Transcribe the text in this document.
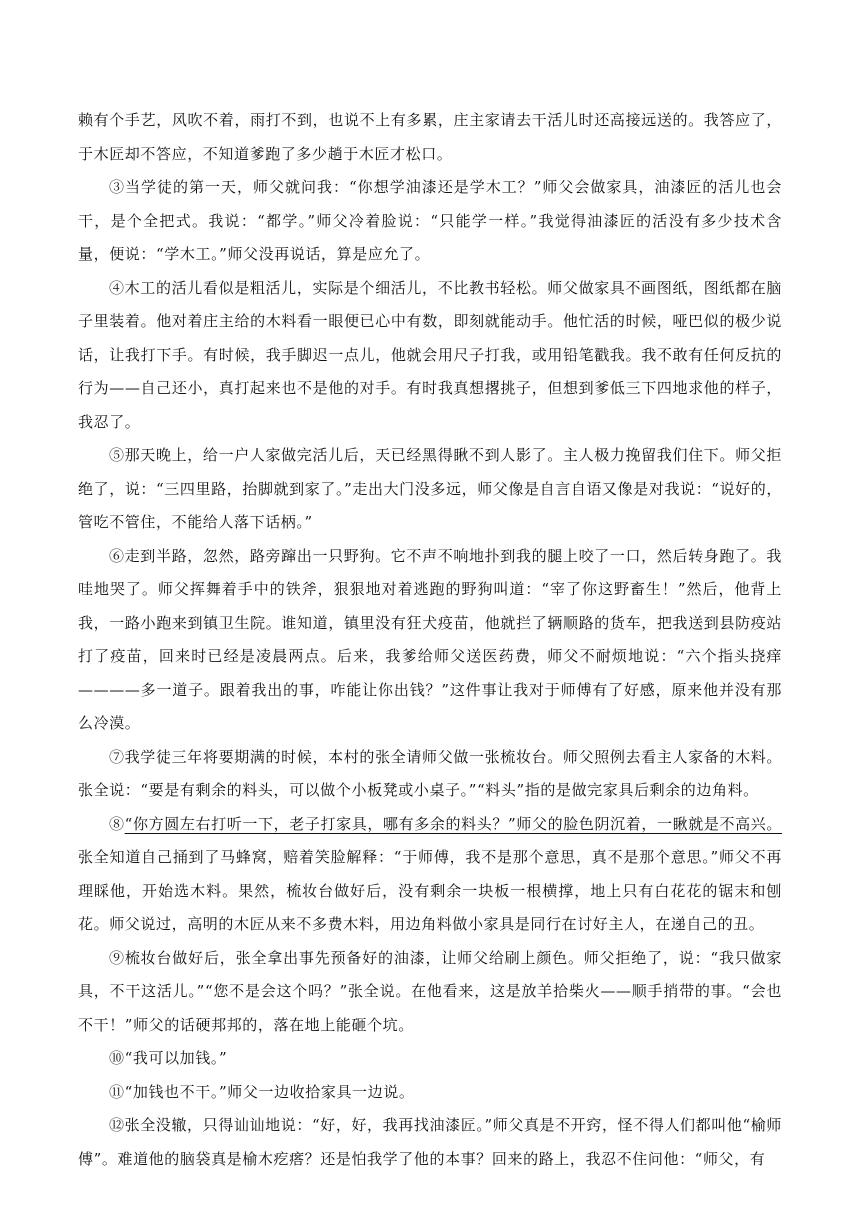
赖有个手艺，风吹不着，雨打不到，也说不上有多累，庄主家请去干活儿时还高接远送的。我答应了，于木匠却不答应，不知道爹跑了多少趟于木匠才松口。

③当学徒的第一天，师父就问我：“你想学油漆还是学木工？”师父会做家具，油漆匠的活儿也会干，是个全把式。我说：“都学。”师父冷着脸说：“只能学一样。”我觉得油漆匠的活没有多少技术含量，便说：“学木工。”师父没再说话，算是应允了。

④木工的活儿看似是粗活儿，实际是个细活儿，不比教书轻松。师父做家具不画图纸，图纸都在脑子里装着。他对着庄主给的木料看一眼便已心中有数，即刻就能动手。他忙活的时候，哑巴似的极少说话，让我打下手。有时候，我手脚迟一点儿，他就会用尺子打我，或用铅笔戳我。我不敢有任何反抗的行为——自己还小，真打起来也不是他的对手。有时我真想撂挑子，但想到爹低三下四地求他的样子，我忍了。

⑤那天晚上，给一户人家做完活儿后，天已经黑得瞅不到人影了。主人极力挽留我们住下。师父拒绝了，说：“三四里路，抬脚就到家了。”走出大门没多远，师父像是自言自语又像是对我说：“说好的，管吃不管住，不能给人落下话柄。”

⑥走到半路，忽然，路旁蹿出一只野狗。它不声不响地扑到我的腿上咬了一口，然后转身跑了。我哇地哭了。师父挥舞着手中的铁斧，狠狠地对着逃跑的野狗叫道：“宰了你这野畜生！”然后，他背上我，一路小跑来到镇卫生院。谁知道，镇里没有狂犬疫苗，他就拦了辆顺路的货车，把我送到县防疫站打了疫苗，回来时已经是凌晨两点。后来，我爹给师父送医药费，师父不耐烦地说：“六个指头挠痒————多一道子。跟着我出的事，咋能让你出钱？”这件事让我对于师傅有了好感，原来他并没有那么冷漠。

⑦我学徒三年将要期满的时候，本村的张全请师父做一张梳妆台。师父照例去看主人家备的木料。张全说：“要是有剩余的料头，可以做个小板凳或小桌子。”“料头”指的是做完家具后剩余的边角料。

⑧“你方圆左右打听一下，老子打家具，哪有多余的料头？”师父的脸色阴沉着，一瞅就是不高兴。张全知道自己捅到了马蜂窝，赔着笑脸解释：“于师傅，我不是那个意思，真不是那个意思。”师父不再理睬他，开始选木料。果然，梳妆台做好后，没有剩余一块板一根横撑，地上只有白花花的锯末和刨花。师父说过，高明的木匠从来不多费木料，用边角料做小家具是同行在讨好主人，在递自己的丑。

⑨梳妆台做好后，张全拿出事先预备好的油漆，让师父给刷上颜色。师父拒绝了，说：“我只做家具，不干这活儿。”“您不是会这个吗？”张全说。在他看来，这是放羊拾柴火——顺手捎带的事。“会也不干！”师父的话硬邦邦的，落在地上能砸个坑。

⑩“我可以加钱。”

⑪“加钱也不干。”师父一边收拾家具一边说。

⑫张全没辙，只得讪讪地说：“好，好，我再找油漆匠。”师父真是不开窍，怪不得人们都叫他“榆师傅”。难道他的脑袋真是榆木疙瘩？还是怕我学了他的本事？回来的路上，我忍不住问他：“师父，有
